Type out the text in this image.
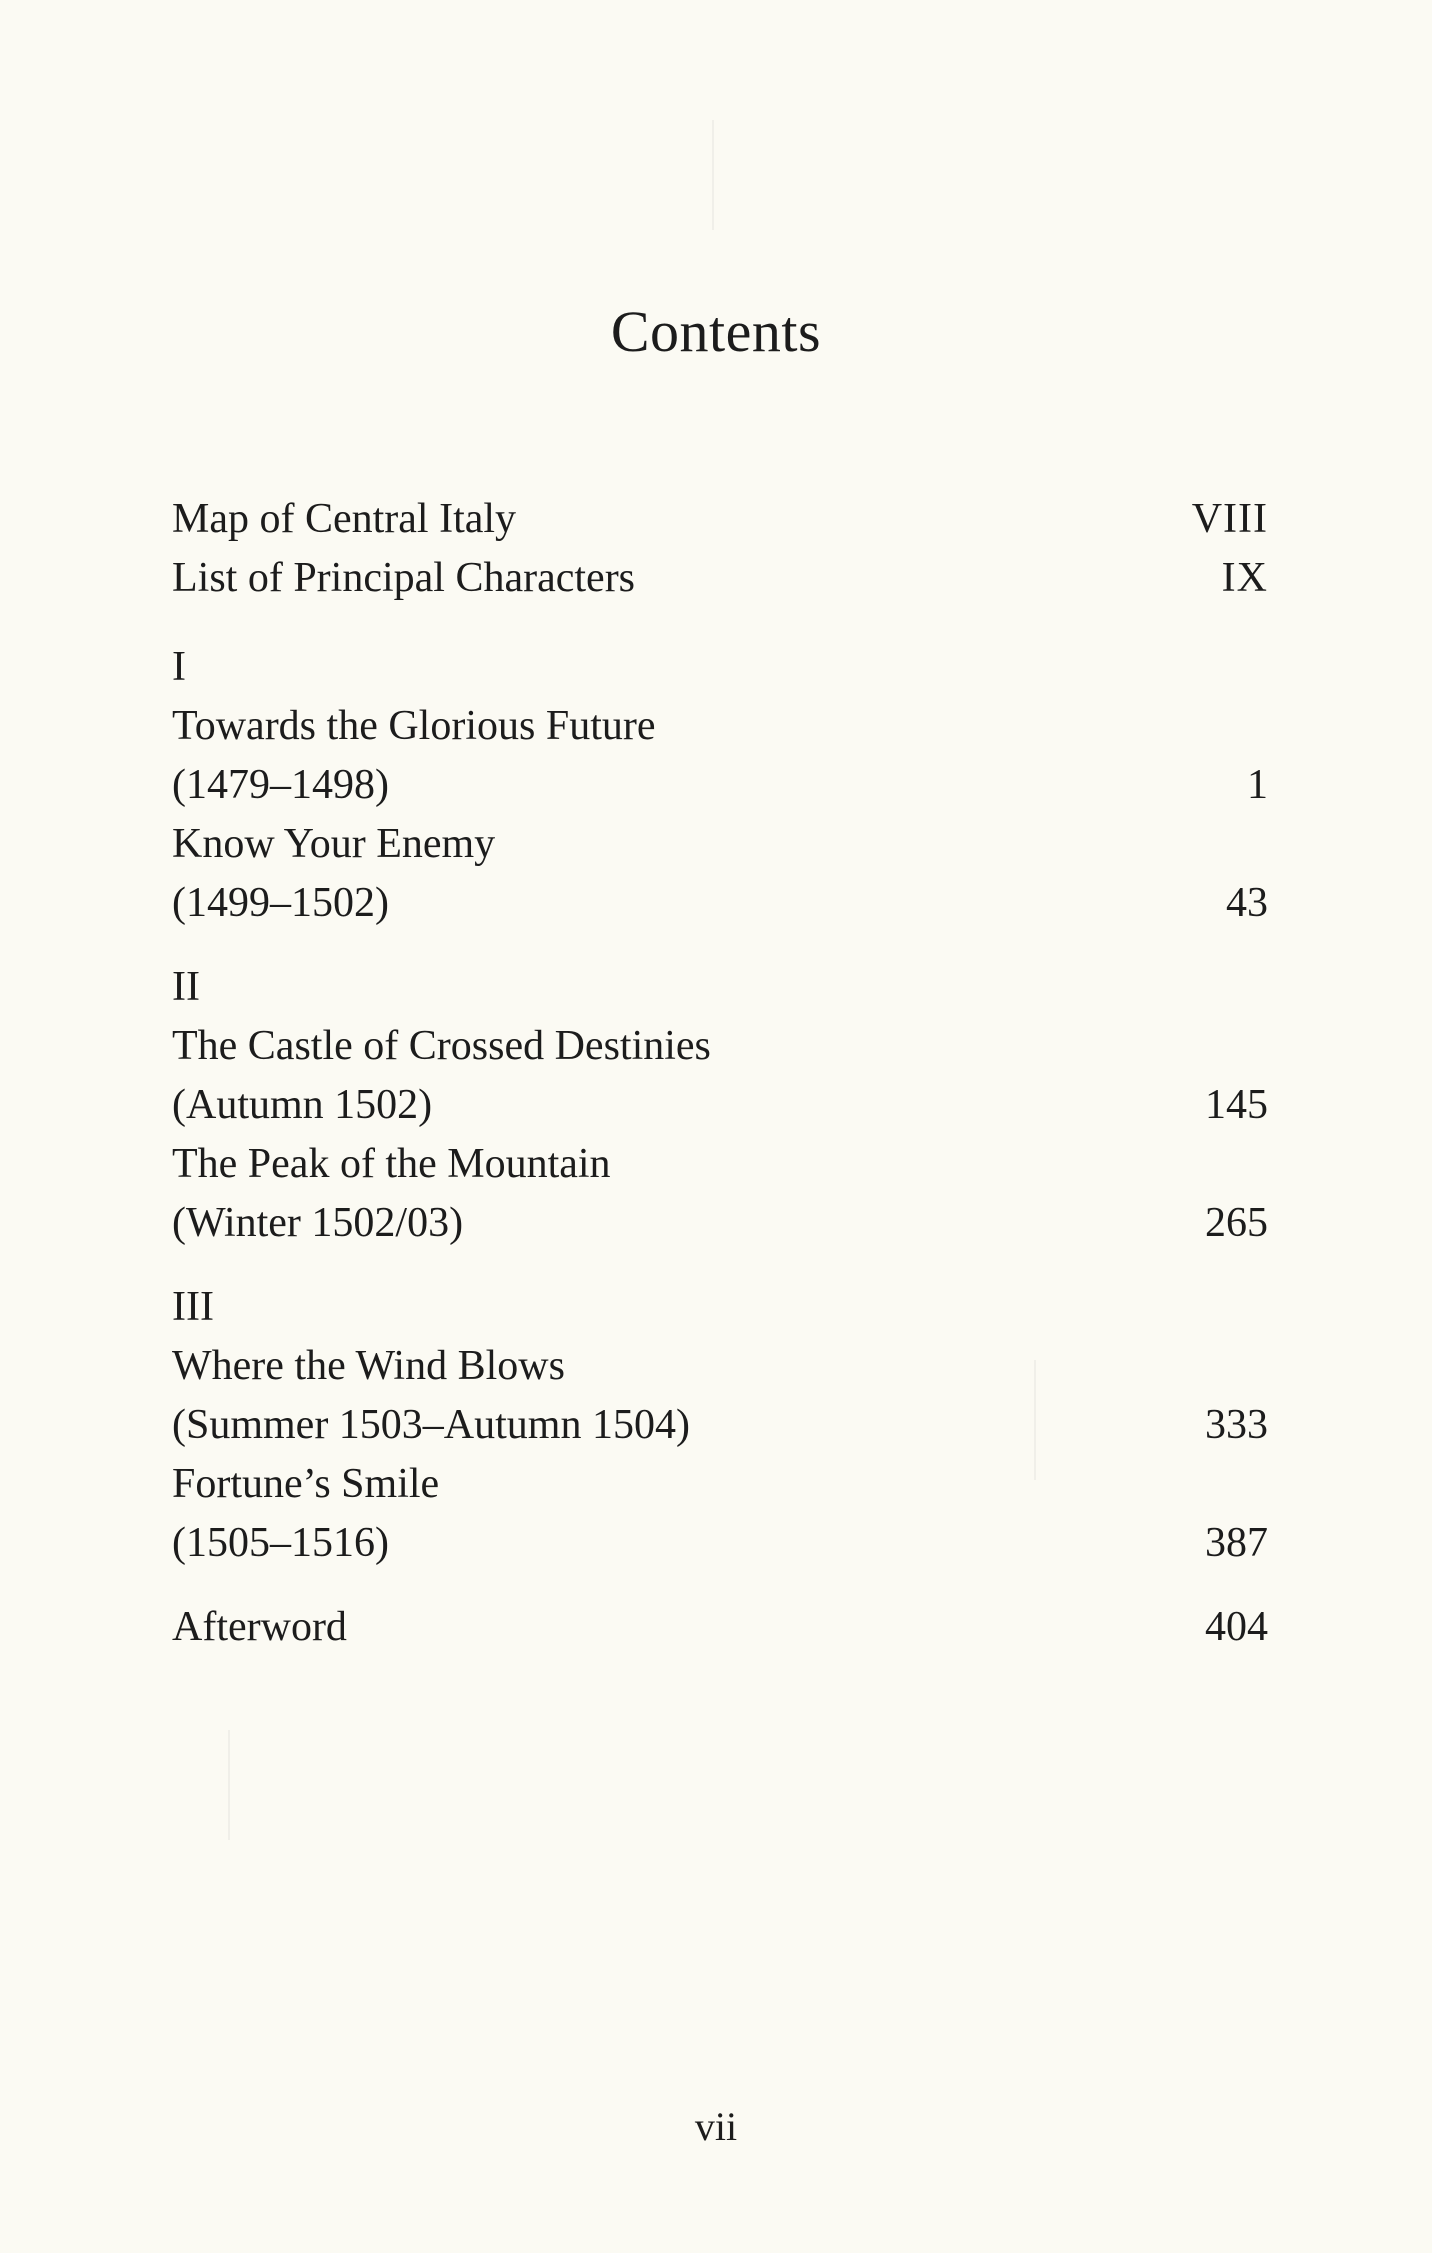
Contents
Map of Central Italy	VIII
List of Principal Characters	IX
I
Towards the Glorious Future
(1479–1498)	1
Know Your Enemy
(1499–1502)	43
II
The Castle of Crossed Destinies
(Autumn 1502)	145
The Peak of the Mountain
(Winter 1502/03)	265
III
Where the Wind Blows
(Summer 1503–Autumn 1504)	333
Fortune’s Smile
(1505–1516)	387
Afterword	404
vii
